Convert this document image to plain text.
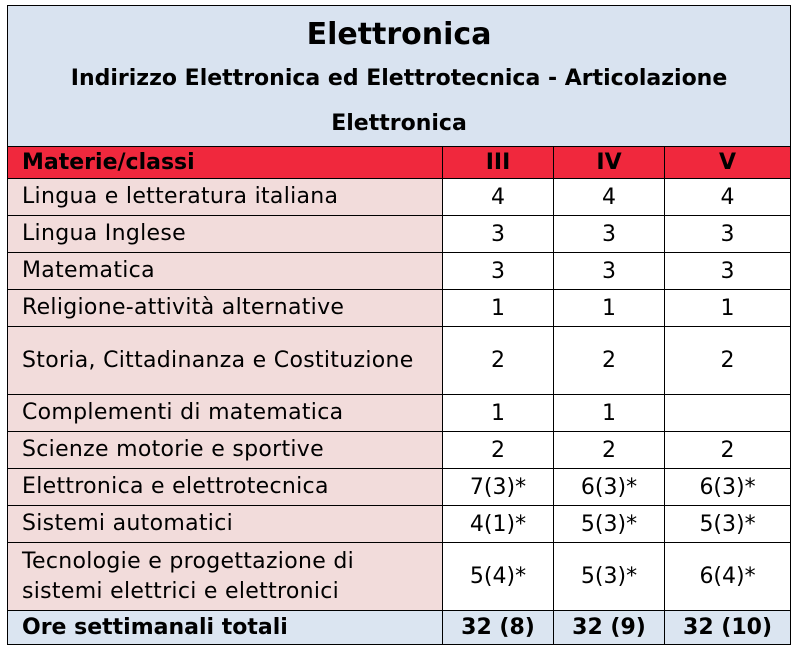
Elettronica
Indirizzo Elettronica ed Elettrotecnica - Articolazione Elettronica			

Materie/classi	III	IV	V
Lingua e letteratura italiana	4	4	4
Lingua Inglese	3	3	3
Matematica	3	3	3
Religione-attività alternative	1	1	1
Storia, Cittadinanza e Costituzione	2	2	2
Complementi di matematica	1	1	
Scienze motorie e sportive	2	2	2
Elettronica e elettrotecnica	7(3)*	6(3)*	6(3)*
Sistemi automatici	4(1)*	5(3)*	5(3)*
Tecnologie e progettazione di sistemi elettrici e elettronici	5(4)*	5(3)*	6(4)*
Ore settimanali totali	32 (8)	32 (9)	32 (10)
